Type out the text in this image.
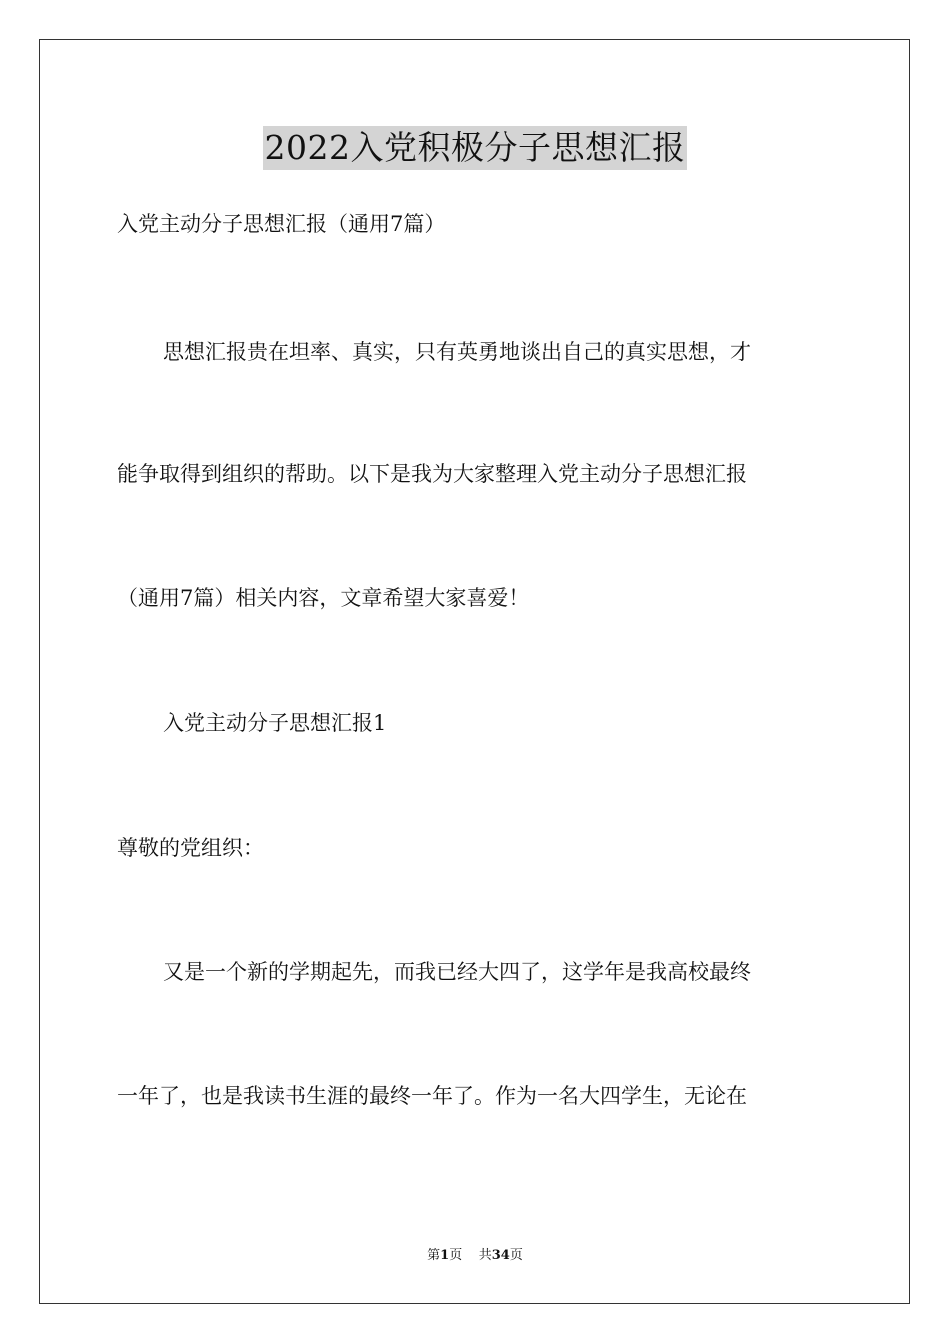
2022入党积极分子思想汇报
入党主动分子思想汇报（通用7篇）
思想汇报贵在坦率、真实，只有英勇地谈出自己的真实思想，才
能争取得到组织的帮助。以下是我为大家整理入党主动分子思想汇报
（通用7篇）相关内容，文章希望大家喜爱！
入党主动分子思想汇报1
尊敬的党组织：
又是一个新的学期起先，而我已经大四了，这学年是我高校最终
一年了，也是我读书生涯的最终一年了。作为一名大四学生，无论在
第1页 共34页
